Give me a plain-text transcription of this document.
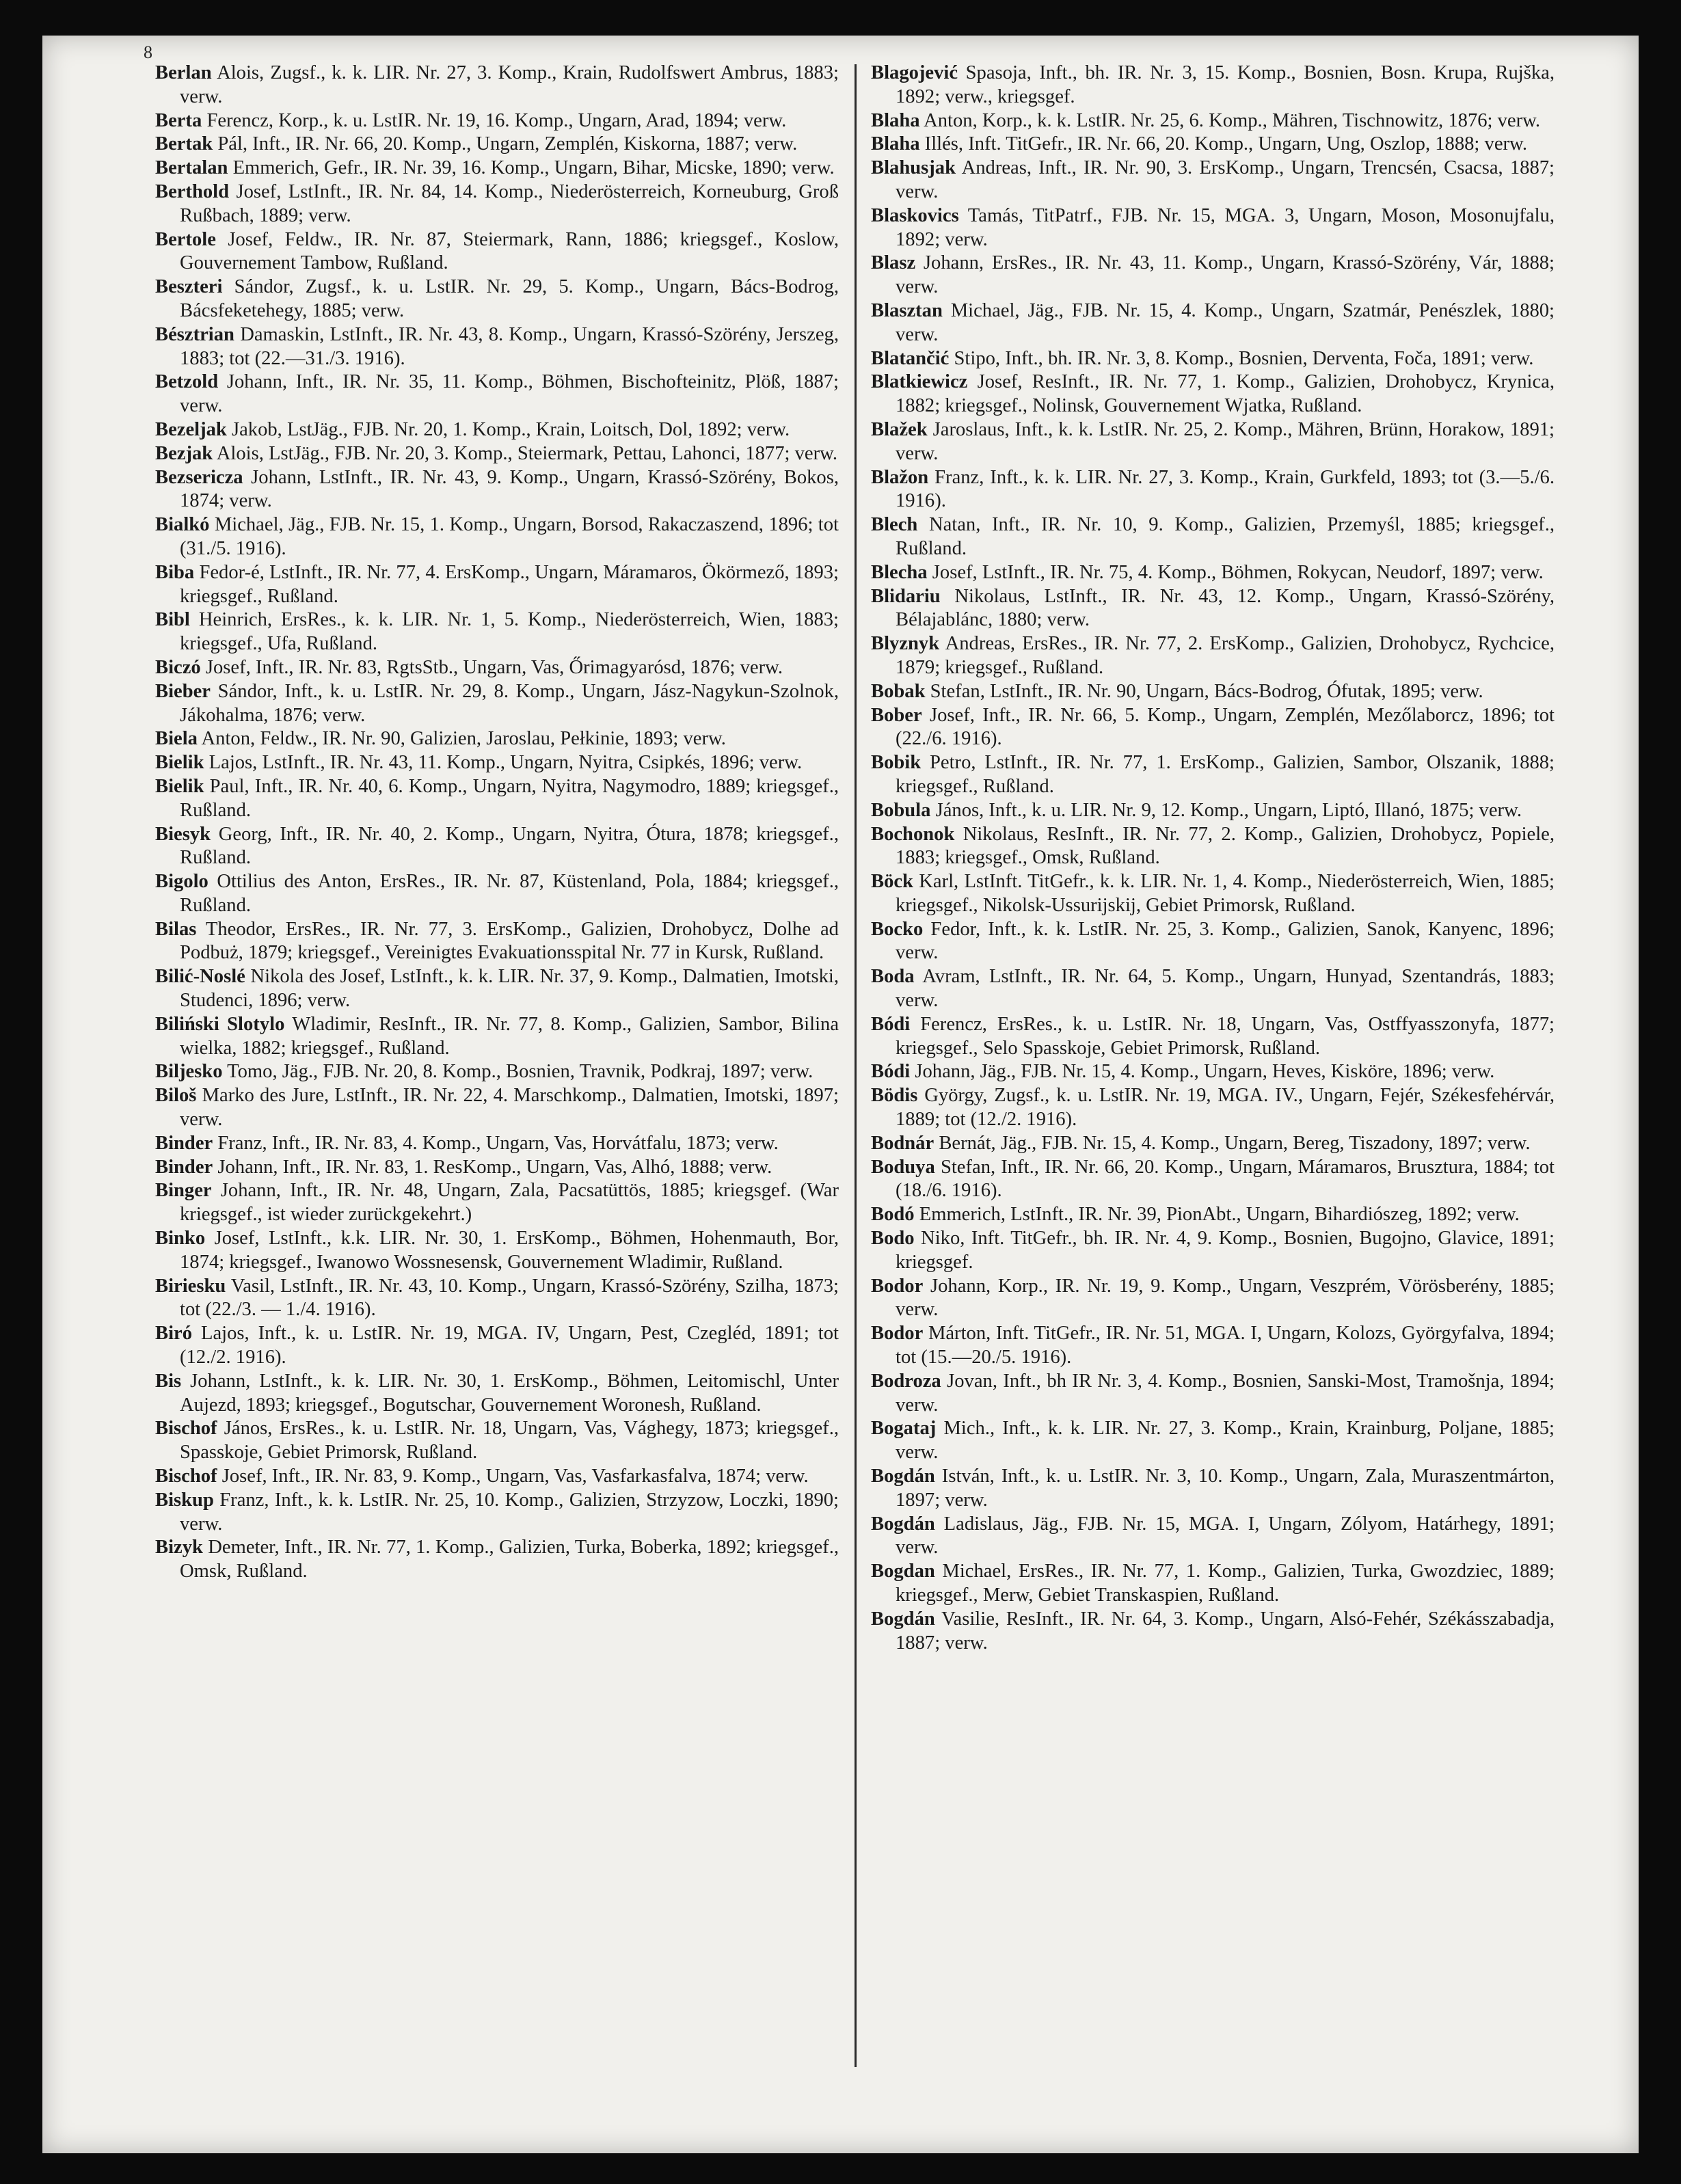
8

Berlan Alois, Zugsf., k. k. LIR. Nr. 27, 3. Komp., Krain, Rudolfswert Ambrus, 1883; verw.

Berta Ferencz, Korp., k. u. LstIR. Nr. 19, 16. Komp., Ungarn, Arad, 1894; verw.

Bertak Pál, Inft., IR. Nr. 66, 20. Komp., Ungarn, Zemplén, Kiskorna, 1887; verw.

Bertalan Emmerich, Gefr., IR. Nr. 39, 16. Komp., Ungarn, Bihar, Micske, 1890; verw.

Berthold Josef, LstInft., IR. Nr. 84, 14. Komp., Niederösterreich, Korneuburg, Groß Rußbach, 1889; verw.

Bertole Josef, Feldw., IR. Nr. 87, Steiermark, Rann, 1886; kriegsgef., Koslow, Gouvernement Tambow, Rußland.

Beszteri Sándor, Zugsf., k. u. LstIR. Nr. 29, 5. Komp., Ungarn, Bács-Bodrog, Bácsfeketehegy, 1885; verw.

Bésztrian Damaskin, LstInft., IR. Nr. 43, 8. Komp., Ungarn, Krassó-Szörény, Jerszeg, 1883; tot (22.—31./3. 1916).

Betzold Johann, Inft., IR. Nr. 35, 11. Komp., Böhmen, Bischofteinitz, Plöß, 1887; verw.

Bezeljak Jakob, LstJäg., FJB. Nr. 20, 1. Komp., Krain, Loitsch, Dol, 1892; verw.

Bezjak Alois, LstJäg., FJB. Nr. 20, 3. Komp., Steiermark, Pettau, Lahonci, 1877; verw.

Bezsericza Johann, LstInft., IR. Nr. 43, 9. Komp., Ungarn, Krassó-Szörény, Bokos, 1874; verw.

Bialkó Michael, Jäg., FJB. Nr. 15, 1. Komp., Ungarn, Borsod, Rakaczaszend, 1896; tot (31./5. 1916).

Biba Fedor-é, LstInft., IR. Nr. 77, 4. ErsKomp., Ungarn, Máramaros, Ökörmező, 1893; kriegsgef., Rußland.

Bibl Heinrich, ErsRes., k. k. LIR. Nr. 1, 5. Komp., Niederösterreich, Wien, 1883; kriegsgef., Ufa, Rußland.

Biczó Josef, Inft., IR. Nr. 83, RgtsStb., Ungarn, Vas, Őrimagyarósd, 1876; verw.

Bieber Sándor, Inft., k. u. LstIR. Nr. 29, 8. Komp., Ungarn, Jász-Nagykun-Szolnok, Jákohalma, 1876; verw.

Biela Anton, Feldw., IR. Nr. 90, Galizien, Jaroslau, Pełkinie, 1893; verw.

Bielik Lajos, LstInft., IR. Nr. 43, 11. Komp., Ungarn, Nyitra, Csipkés, 1896; verw.

Bielik Paul, Inft., IR. Nr. 40, 6. Komp., Ungarn, Nyitra, Nagymodro, 1889; kriegsgef., Rußland.

Biesyk Georg, Inft., IR. Nr. 40, 2. Komp., Ungarn, Nyitra, Ótura, 1878; kriegsgef., Rußland.

Bigolo Ottilius des Anton, ErsRes., IR. Nr. 87, Küstenland, Pola, 1884; kriegsgef., Rußland.

Bilas Theodor, ErsRes., IR. Nr. 77, 3. ErsKomp., Galizien, Drohobycz, Dolhe ad Podbuż, 1879; kriegsgef., Vereinigtes Evakuationsspital Nr. 77 in Kursk, Rußland.

Bilić-Noslé Nikola des Josef, LstInft., k. k. LIR. Nr. 37, 9. Komp., Dalmatien, Imotski, Studenci, 1896; verw.

Biliński Slotylo Wladimir, ResInft., IR. Nr. 77, 8. Komp., Galizien, Sambor, Bilina wielka, 1882; kriegsgef., Rußland.

Biljesko Tomo, Jäg., FJB. Nr. 20, 8. Komp., Bosnien, Travnik, Podkraj, 1897; verw.

Biloš Marko des Jure, LstInft., IR. Nr. 22, 4. Marschkomp., Dalmatien, Imotski, 1897; verw.

Binder Franz, Inft., IR. Nr. 83, 4. Komp., Ungarn, Vas, Horvátfalu, 1873; verw.

Binder Johann, Inft., IR. Nr. 83, 1. ResKomp., Ungarn, Vas, Alhó, 1888; verw.

Binger Johann, Inft., IR. Nr. 48, Ungarn, Zala, Pacsatüttös, 1885; kriegsgef. (War kriegsgef., ist wieder zurückgekehrt.)

Binko Josef, LstInft., k.k. LIR. Nr. 30, 1. ErsKomp., Böhmen, Hohenmauth, Bor, 1874; kriegsgef., Iwanowo Wossnesensk, Gouvernement Wladimir, Rußland.

Biriesku Vasil, LstInft., IR. Nr. 43, 10. Komp., Ungarn, Krassó-Szörény, Szilha, 1873; tot (22./3. — 1./4. 1916).

Biró Lajos, Inft., k. u. LstIR. Nr. 19, MGA. IV, Ungarn, Pest, Czegléd, 1891; tot (12./2. 1916).

Bis Johann, LstInft., k. k. LIR. Nr. 30, 1. ErsKomp., Böhmen, Leitomischl, Unter Aujezd, 1893; kriegsgef., Bogutschar, Gouvernement Woronesh, Rußland.

Bischof János, ErsRes., k. u. LstIR. Nr. 18, Ungarn, Vas, Vághegy, 1873; kriegsgef., Spasskoje, Gebiet Primorsk, Rußland.

Bischof Josef, Inft., IR. Nr. 83, 9. Komp., Ungarn, Vas, Vasfarkasfalva, 1874; verw.

Biskup Franz, Inft., k. k. LstIR. Nr. 25, 10. Komp., Galizien, Strzyzow, Loczki, 1890; verw.

Bizyk Demeter, Inft., IR. Nr. 77, 1. Komp., Galizien, Turka, Boberka, 1892; kriegsgef., Omsk, Rußland.

Blagojević Spasoja, Inft., bh. IR. Nr. 3, 15. Komp., Bosnien, Bosn. Krupa, Rujška, 1892; verw., kriegsgef.

Blaha Anton, Korp., k. k. LstIR. Nr. 25, 6. Komp., Mähren, Tischnowitz, 1876; verw.

Blaha Illés, Inft. TitGefr., IR. Nr. 66, 20. Komp., Ungarn, Ung, Oszlop, 1888; verw.

Blahusjak Andreas, Inft., IR. Nr. 90, 3. ErsKomp., Ungarn, Trencsén, Csacsa, 1887; verw.

Blaskovics Tamás, TitPatrf., FJB. Nr. 15, MGA. 3, Ungarn, Moson, Mosonujfalu, 1892; verw.

Blasz Johann, ErsRes., IR. Nr. 43, 11. Komp., Ungarn, Krassó-Szörény, Vár, 1888; verw.

Blasztan Michael, Jäg., FJB. Nr. 15, 4. Komp., Ungarn, Szatmár, Penészlek, 1880; verw.

Blatančić Stipo, Inft., bh. IR. Nr. 3, 8. Komp., Bosnien, Derventa, Foča, 1891; verw.

Blatkiewicz Josef, ResInft., IR. Nr. 77, 1. Komp., Galizien, Drohobycz, Krynica, 1882; kriegsgef., Nolinsk, Gouvernement Wjatka, Rußland.

Blažek Jaroslaus, Inft., k. k. LstIR. Nr. 25, 2. Komp., Mähren, Brünn, Horakow, 1891; verw.

Blažon Franz, Inft., k. k. LIR. Nr. 27, 3. Komp., Krain, Gurkfeld, 1893; tot (3.—5./6. 1916).

Blech Natan, Inft., IR. Nr. 10, 9. Komp., Galizien, Przemyśl, 1885; kriegsgef., Rußland.

Blecha Josef, LstInft., IR. Nr. 75, 4. Komp., Böhmen, Rokycan, Neudorf, 1897; verw.

Blidariu Nikolaus, LstInft., IR. Nr. 43, 12. Komp., Ungarn, Krassó-Szörény, Bélajablánc, 1880; verw.

Blyznyk Andreas, ErsRes., IR. Nr. 77, 2. ErsKomp., Galizien, Drohobycz, Rychcice, 1879; kriegsgef., Rußland.

Bobak Stefan, LstInft., IR. Nr. 90, Ungarn, Bács-Bodrog, Ófutak, 1895; verw.

Bober Josef, Inft., IR. Nr. 66, 5. Komp., Ungarn, Zemplén, Mezőlaborcz, 1896; tot (22./6. 1916).

Bobik Petro, LstInft., IR. Nr. 77, 1. ErsKomp., Galizien, Sambor, Olszanik, 1888; kriegsgef., Rußland.

Bobula János, Inft., k. u. LIR. Nr. 9, 12. Komp., Ungarn, Liptó, Illanó, 1875; verw.

Bochonok Nikolaus, ResInft., IR. Nr. 77, 2. Komp., Galizien, Drohobycz, Popiele, 1883; kriegsgef., Omsk, Rußland.

Böck Karl, LstInft. TitGefr., k. k. LIR. Nr. 1, 4. Komp., Niederösterreich, Wien, 1885; kriegsgef., Nikolsk-Ussurijskij, Gebiet Primorsk, Rußland.

Bocko Fedor, Inft., k. k. LstIR. Nr. 25, 3. Komp., Galizien, Sanok, Kanyenc, 1896; verw.

Boda Avram, LstInft., IR. Nr. 64, 5. Komp., Ungarn, Hunyad, Szentandrás, 1883; verw.

Bódi Ferencz, ErsRes., k. u. LstIR. Nr. 18, Ungarn, Vas, Ostffyasszonyfa, 1877; kriegsgef., Selo Spasskoje, Gebiet Primorsk, Rußland.

Bódi Johann, Jäg., FJB. Nr. 15, 4. Komp., Ungarn, Heves, Kisköre, 1896; verw.

Bödis György, Zugsf., k. u. LstIR. Nr. 19, MGA. IV., Ungarn, Fejér, Székesfehérvár, 1889; tot (12./2. 1916).

Bodnár Bernát, Jäg., FJB. Nr. 15, 4. Komp., Ungarn, Bereg, Tiszadony, 1897; verw.

Boduya Stefan, Inft., IR. Nr. 66, 20. Komp., Ungarn, Máramaros, Brusztura, 1884; tot (18./6. 1916).

Bodó Emmerich, LstInft., IR. Nr. 39, PionAbt., Ungarn, Bihardiószeg, 1892; verw.

Bodo Niko, Inft. TitGefr., bh. IR. Nr. 4, 9. Komp., Bosnien, Bugojno, Glavice, 1891; kriegsgef.

Bodor Johann, Korp., IR. Nr. 19, 9. Komp., Ungarn, Veszprém, Vörösberény, 1885; verw.

Bodor Márton, Inft. TitGefr., IR. Nr. 51, MGA. I, Ungarn, Kolozs, Györgyfalva, 1894; tot (15.—20./5. 1916).

Bodroza Jovan, Inft., bh IR Nr. 3, 4. Komp., Bosnien, Sanski-Most, Tramošnja, 1894; verw.

Bogataj Mich., Inft., k. k. LIR. Nr. 27, 3. Komp., Krain, Krainburg, Poljane, 1885; verw.

Bogdán István, Inft., k. u. LstIR. Nr. 3, 10. Komp., Ungarn, Zala, Muraszentmárton, 1897; verw.

Bogdán Ladislaus, Jäg., FJB. Nr. 15, MGA. I, Ungarn, Zólyom, Határhegy, 1891; verw.

Bogdan Michael, ErsRes., IR. Nr. 77, 1. Komp., Galizien, Turka, Gwozdziec, 1889; kriegsgef., Merw, Gebiet Transkaspien, Rußland.

Bogdán Vasilie, ResInft., IR. Nr. 64, 3. Komp., Ungarn, Alsó-Fehér, Székásszabadja, 1887; verw.
